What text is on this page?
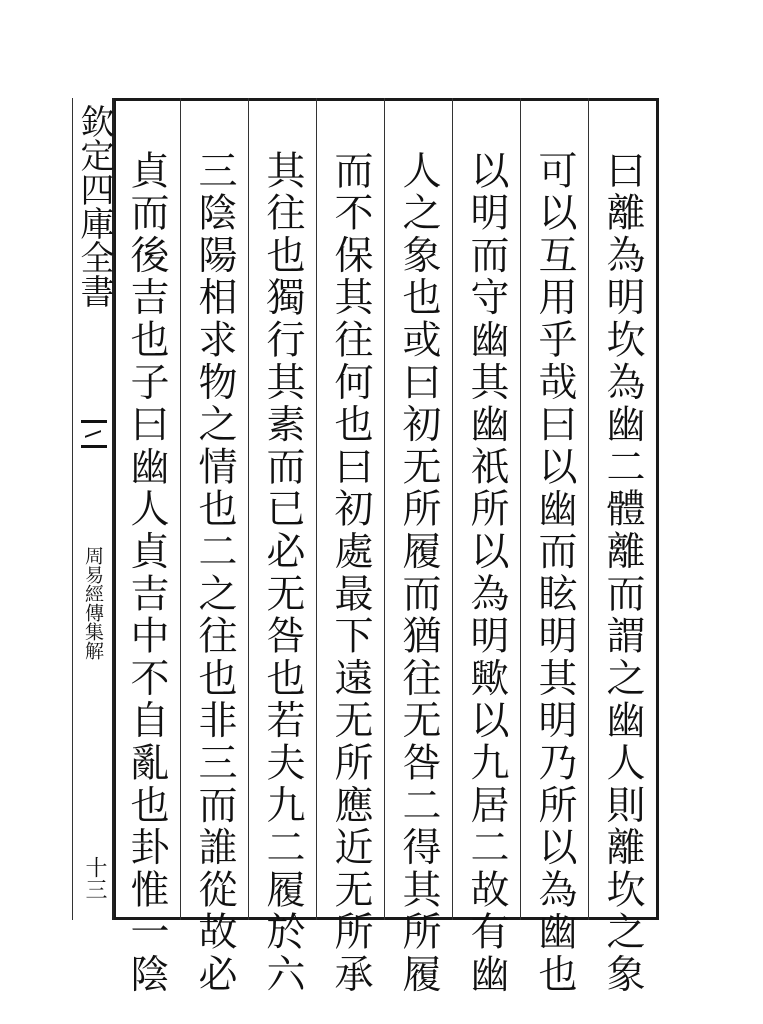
欽定四庫全書
周易經傳集解
十三	曰離為明坎為幽二體離而謂之幽人則離坎之象
可以互用乎哉曰以幽而眩明其明乃所以為幽也
以明而守幽其幽祇所以為明歟以九居二故有幽
人之象也或曰初无所履而猶往无咎二得其所履
而不保其往何也曰初處最下遠无所應近无所承
其往也獨行其素而已必无咎也若夫九二履於六
三陰陽相求物之情也二之往也非三而誰從故必
貞而後吉也子曰幽人貞吉中不自亂也卦惟一陰
